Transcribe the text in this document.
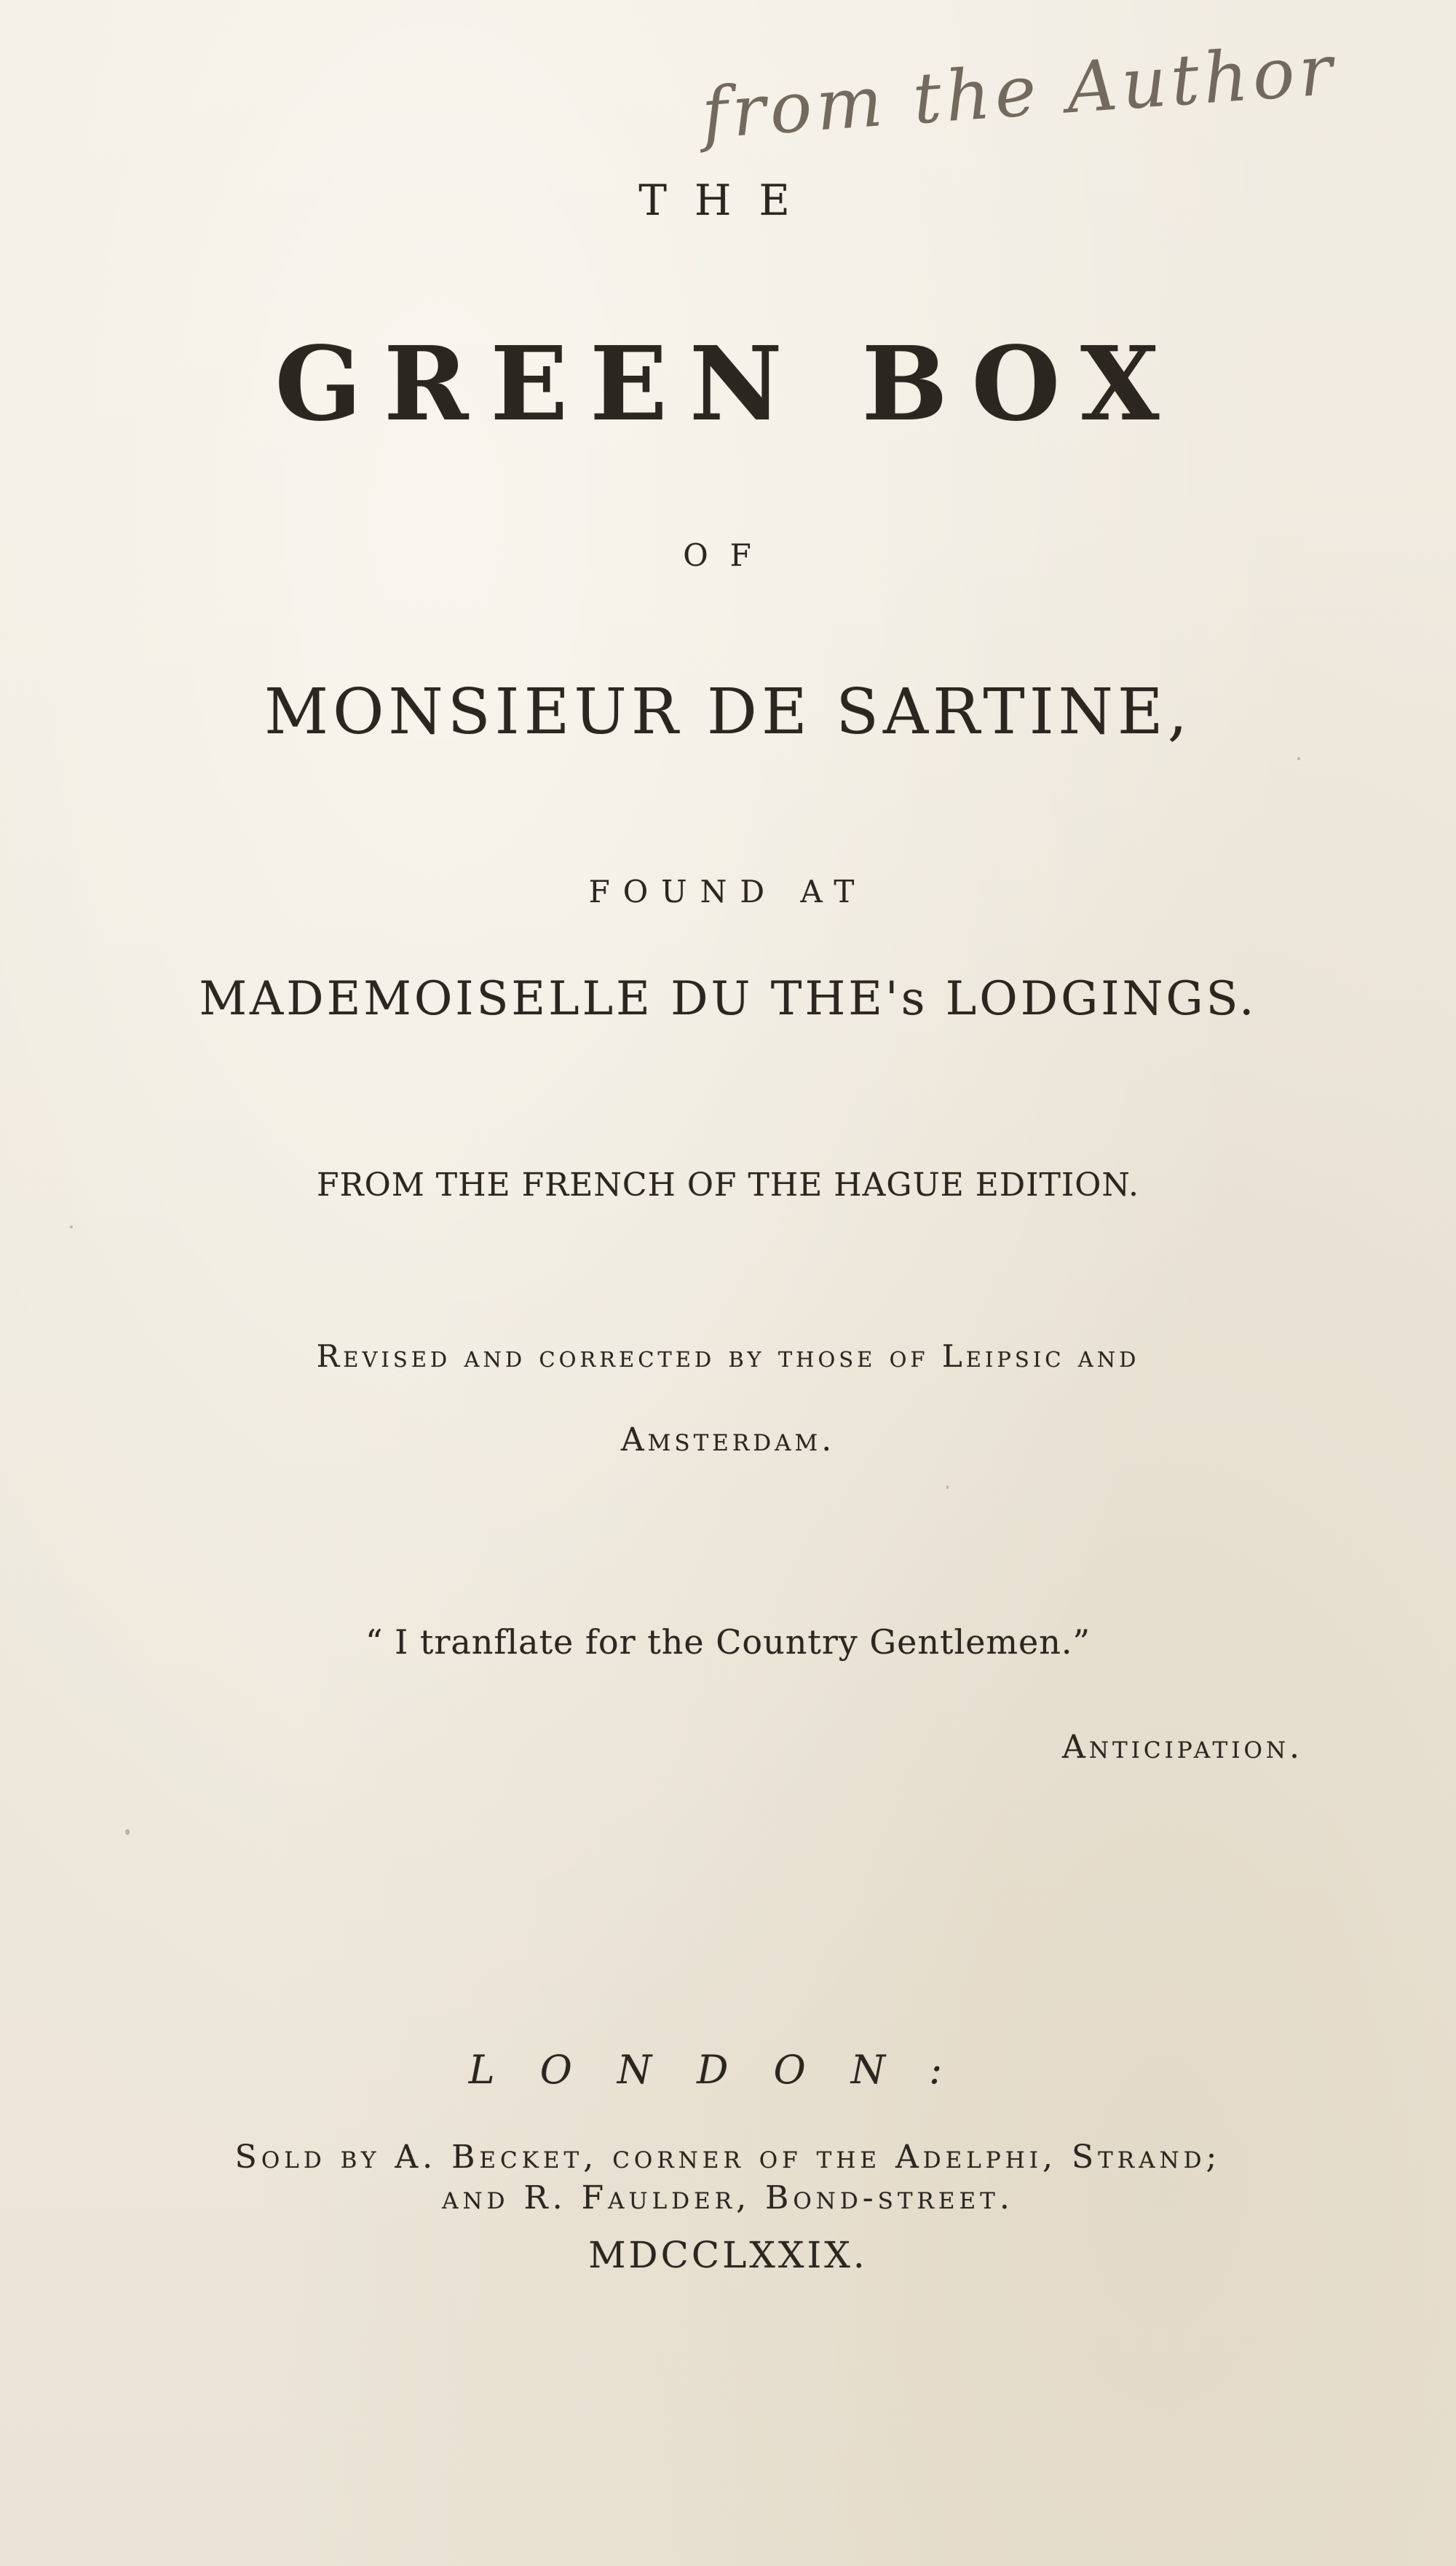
from the Author
THE
GREEN BOX
OF
MONSIEUR DE SARTINE,
FOUND AT
MADEMOISELLE DU THE's LODGINGS.
FROM THE FRENCH OF THE HAGUE EDITION.
Revised and corrected by those of Leipsic and
Amsterdam.
“ I tranflate for the Country Gentlemen.”
Anticipation.
LONDON:
Sold by A. Becket, corner of the Adelphi, Strand;
and R. Faulder, Bond-street.
MDCCLXXIX.
